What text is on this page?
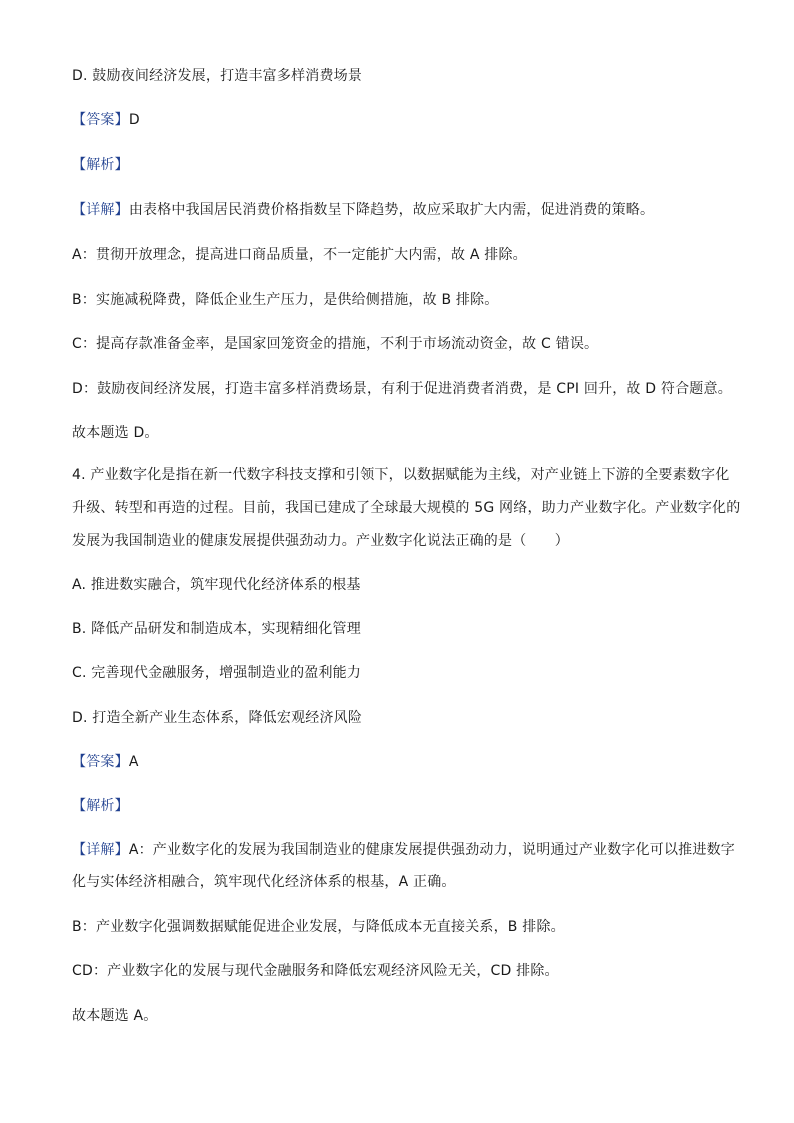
D. 鼓励夜间经济发展，打造丰富多样消费场景
【答案】D
【解析】
【详解】由表格中我国居民消费价格指数呈下降趋势，故应采取扩大内需，促进消费的策略。
A：贯彻开放理念，提高进口商品质量，不一定能扩大内需，故 A 排除。
B：实施减税降费，降低企业生产压力，是供给侧措施，故 B 排除。
C：提高存款准备金率，是国家回笼资金的措施，不利于市场流动资金，故 C 错误。
D：鼓励夜间经济发展，打造丰富多样消费场景，有利于促进消费者消费，是 CPI 回升，故 D 符合题意。
故本题选 D。
4. 产业数字化是指在新一代数字科技支撑和引领下，以数据赋能为主线，对产业链上下游的全要素数字化
升级、转型和再造的过程。目前，我国已建成了全球最大规模的 5G 网络，助力产业数字化。产业数字化的
发展为我国制造业的健康发展提供强劲动力。产业数字化说法正确的是（　　）
A. 推进数实融合，筑牢现代化经济体系的根基
B. 降低产品研发和制造成本，实现精细化管理
C. 完善现代金融服务，增强制造业的盈利能力
D. 打造全新产业生态体系，降低宏观经济风险
【答案】A
【解析】
【详解】A：产业数字化的发展为我国制造业的健康发展提供强劲动力，说明通过产业数字化可以推进数字
化与实体经济相融合，筑牢现代化经济体系的根基，A 正确。
B：产业数字化强调数据赋能促进企业发展，与降低成本无直接关系，B 排除。
CD：产业数字化的发展与现代金融服务和降低宏观经济风险无关，CD 排除。
故本题选 A。
